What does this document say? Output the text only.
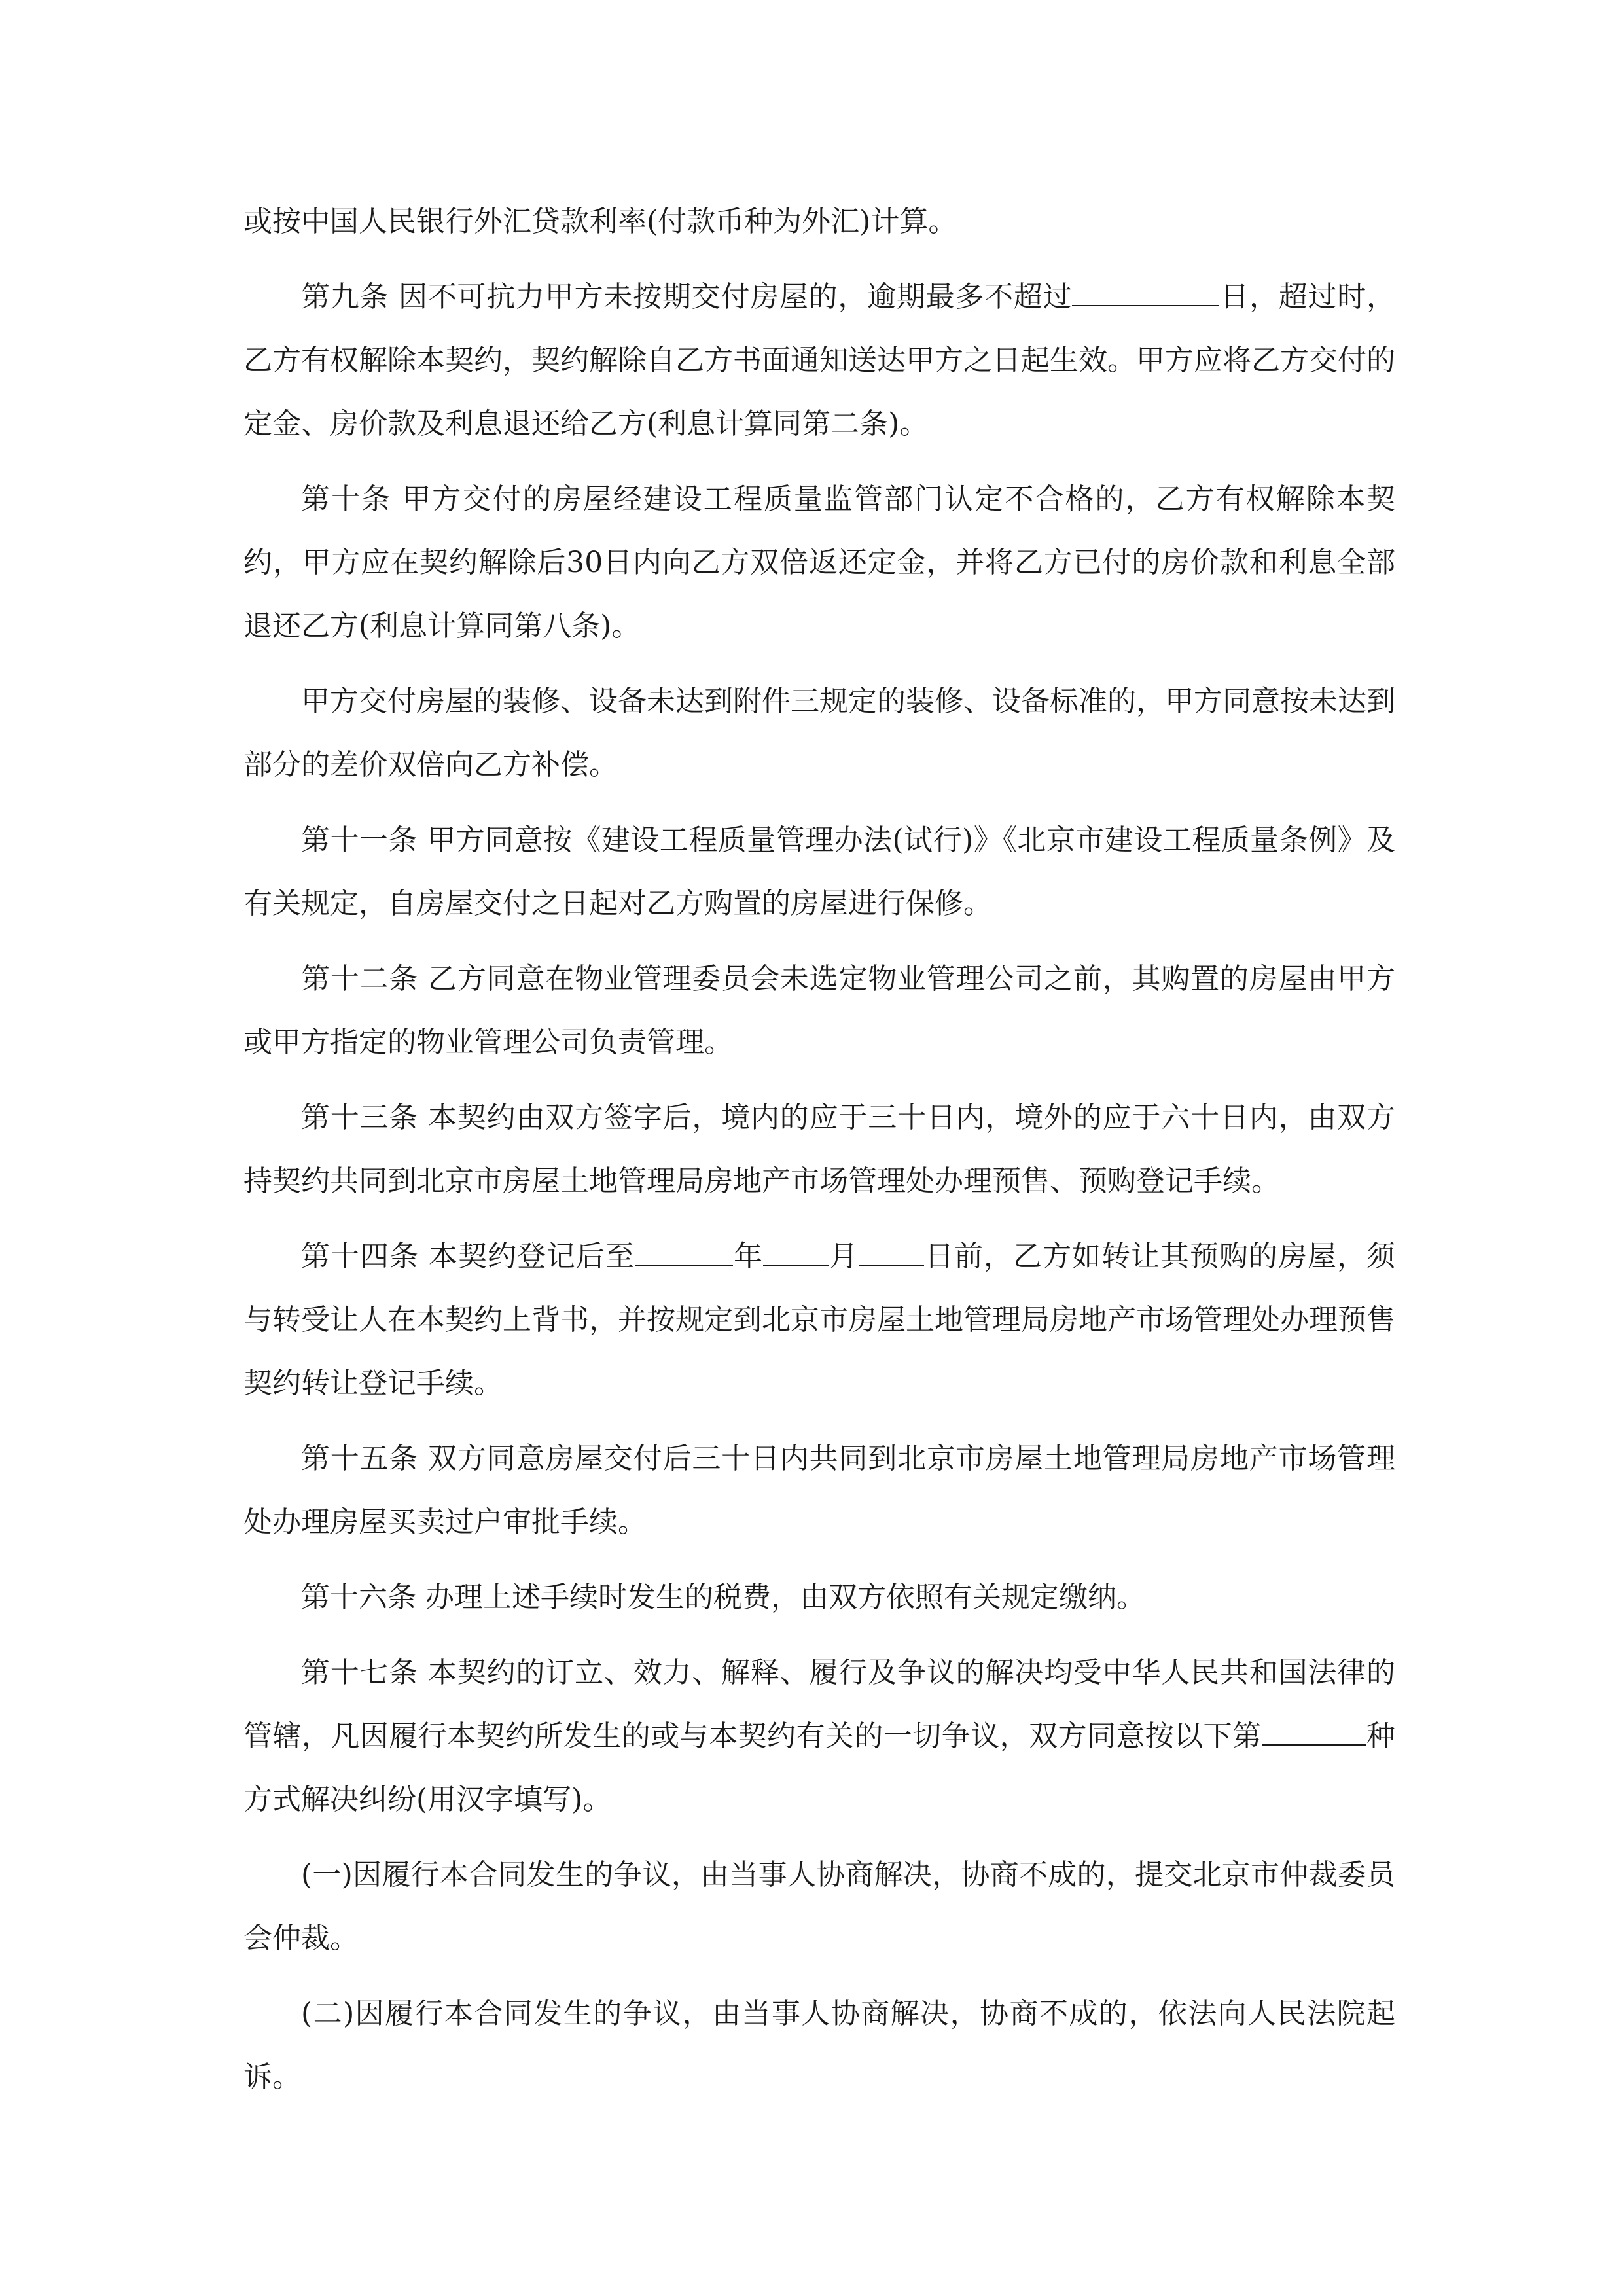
或按中国人民银行外汇贷款利率(付款币种为外汇)计算。

第九条 因不可抗力甲方未按期交付房屋的，逾期最多不超过	日，超过时，乙方有权解除本契约，契约解除自乙方书面通知送达甲方之日起生效。甲方应将乙方交付的定金、房价款及利息退还给乙方(利息计算同第二条)。

第十条 甲方交付的房屋经建设工程质量监管部门认定不合格的，乙方有权解除本契约，甲方应在契约解除后30日内向乙方双倍返还定金，并将乙方已付的房价款和利息全部退还乙方(利息计算同第八条)。

甲方交付房屋的装修、设备未达到附件三规定的装修、设备标准的，甲方同意按未达到部分的差价双倍向乙方补偿。

第十一条 甲方同意按《建设工程质量管理办法(试行)》《北京市建设工程质量条例》及有关规定，自房屋交付之日起对乙方购置的房屋进行保修。

第十二条 乙方同意在物业管理委员会未选定物业管理公司之前，其购置的房屋由甲方或甲方指定的物业管理公司负责管理。

第十三条 本契约由双方签字后，境内的应于三十日内，境外的应于六十日内，由双方持契约共同到北京市房屋土地管理局房地产市场管理处办理预售、预购登记手续。

第十四条 本契约登记后至	年 月 日前，乙方如转让其预购的房屋，须与转受让人在本契约上背书，并按规定到北京市房屋土地管理局房地产市场管理处办理预售契约转让登记手续。

第十五条 双方同意房屋交付后三十日内共同到北京市房屋土地管理局房地产市场管理处办理房屋买卖过户审批手续。

第十六条 办理上述手续时发生的税费，由双方依照有关规定缴纳。

第十七条 本契约的订立、效力、解释、履行及争议的解决均受中华人民共和国法律的管辖，凡因履行本契约所发生的或与本契约有关的一切争议，双方同意按以下第	种方式解决纠纷(用汉字填写)。

(一)因履行本合同发生的争议，由当事人协商解决，协商不成的，提交北京市仲裁委员会仲裁。

(二)因履行本合同发生的争议，由当事人协商解决，协商不成的，依法向人民法院起诉。
